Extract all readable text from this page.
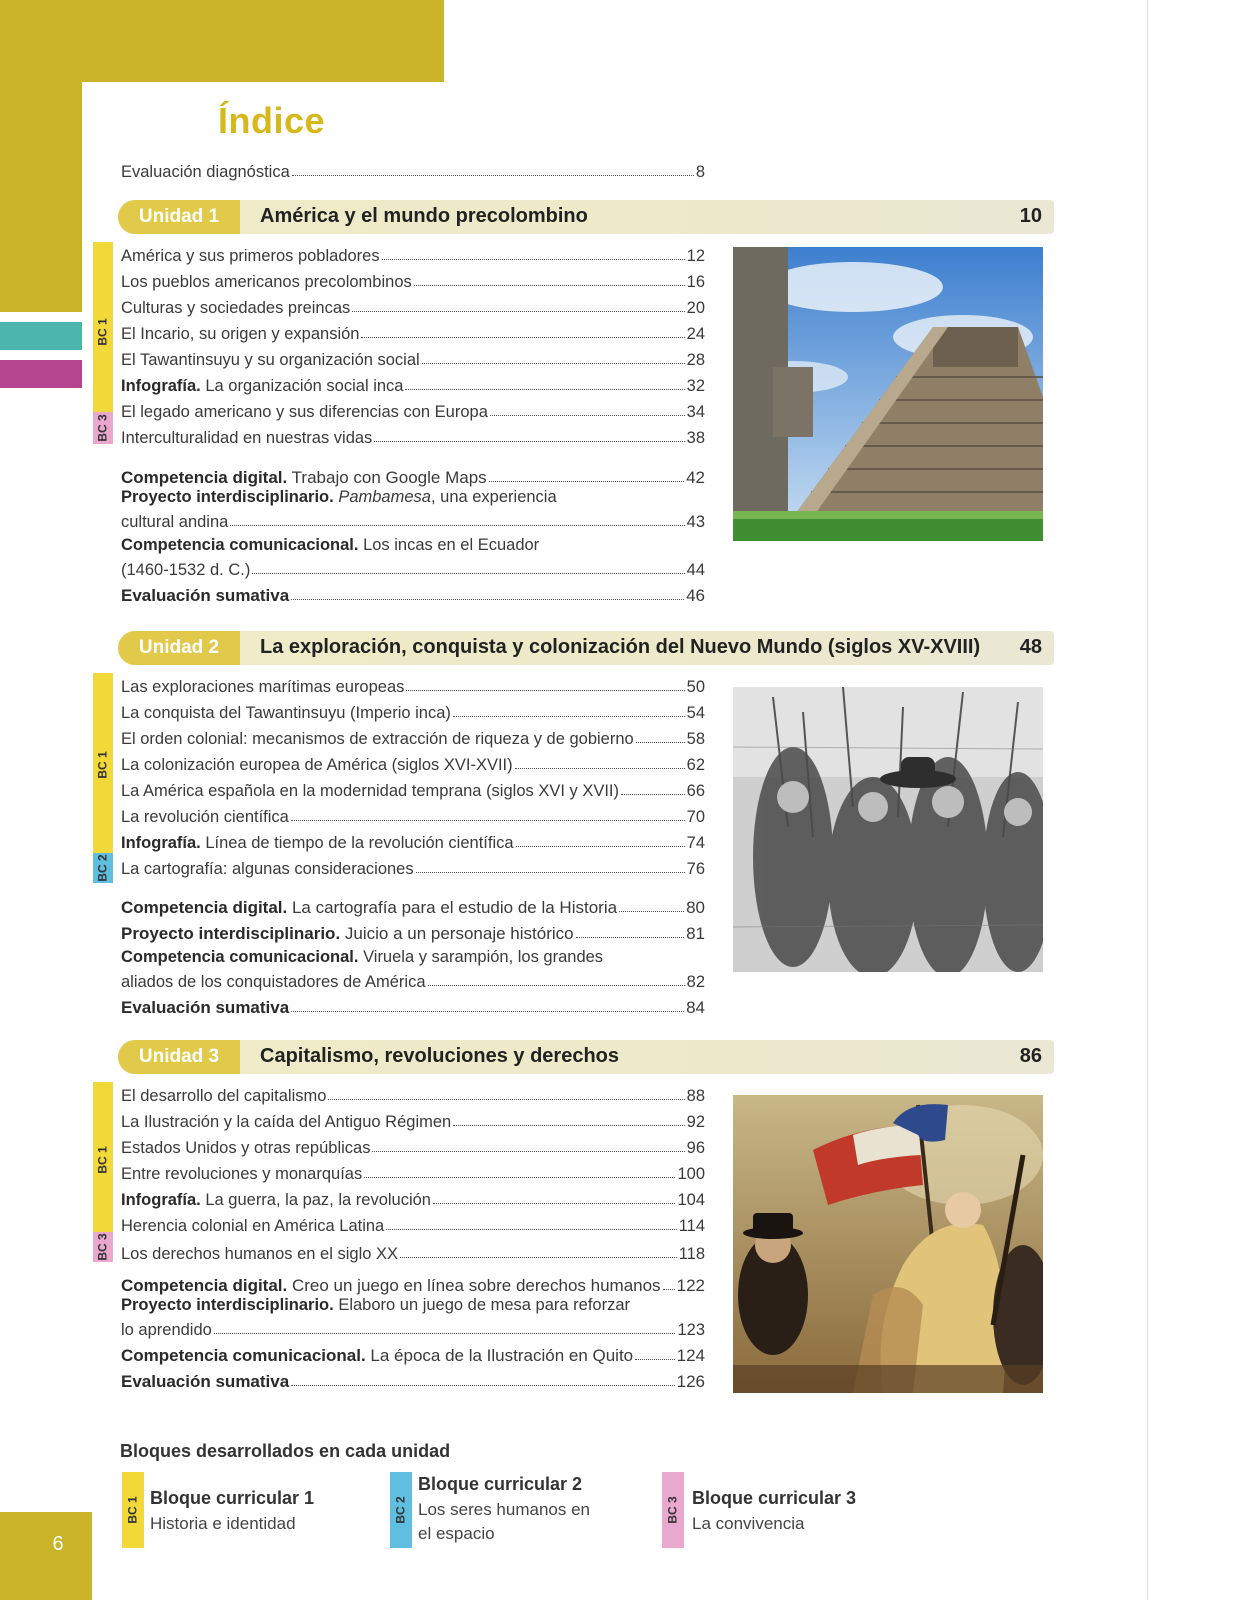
6
Índice
Evaluación diagnóstica	8
Unidad 1	América y el mundo precolombino	10
BC 1
BC 3
América y sus primeros pobladores	12
Los pueblos americanos precolombinos	16
Culturas y sociedades preincas	20
El Incario, su origen y expansión	24
El Tawantinsuyu y su organización social	28
Infografía. La organización social inca	32
El legado americano y sus diferencias con Europa	34
Interculturalidad en nuestras vidas	38
Competencia digital. Trabajo con Google Maps	42
Proyecto interdisciplinario. Pambamesa, una experiencia
cultural andina	43
Competencia comunicacional. Los incas en el Ecuador
(1460-1532 d. C.)	44
Evaluación sumativa	46
Unidad 2	La exploración, conquista y colonización del Nuevo Mundo (siglos XV-XVIII) 48
BC 1
BC 2
Las exploraciones marítimas europeas	50
La conquista del Tawantinsuyu (Imperio inca)	54
El orden colonial: mecanismos de extracción de riqueza y de gobierno	58
La colonización europea de América (siglos XVI-XVII)	62
La América española en la modernidad temprana (siglos XVI y XVII)	66
La revolución científica	70
Infografía. Línea de tiempo de la revolución científica	74
La cartografía: algunas consideraciones	76
Competencia digital. La cartografía para el estudio de la Historia	80
Proyecto interdisciplinario. Juicio a un personaje histórico	81
Competencia comunicacional. Viruela y sarampión, los grandes
aliados de los conquistadores de América	82
Evaluación sumativa	84
Unidad 3	Capitalismo, revoluciones y derechos	86
BC 1
BC 3
El desarrollo del capitalismo	88
La Ilustración y la caída del Antiguo Régimen	92
Estados Unidos y otras repúblicas	96
Entre revoluciones y monarquías	100
Infografía. La guerra, la paz, la revolución	104
Herencia colonial en América Latina	114
Los derechos humanos en el siglo XX	118
Competencia digital. Creo un juego en línea sobre derechos humanos 122
Proyecto interdisciplinario. Elaboro un juego de mesa para reforzar
lo aprendido	123
Competencia comunicacional. La época de la Ilustración en Quito	124
Evaluación sumativa	126
Bloques desarrollados en cada unidad
BC 1 Bloque curricular 1
Historia e identidad	BC 2
Bloque curricular 2
Los seres humanos en
el espacio
BC 3 Bloque curricular 3
La convivencia
